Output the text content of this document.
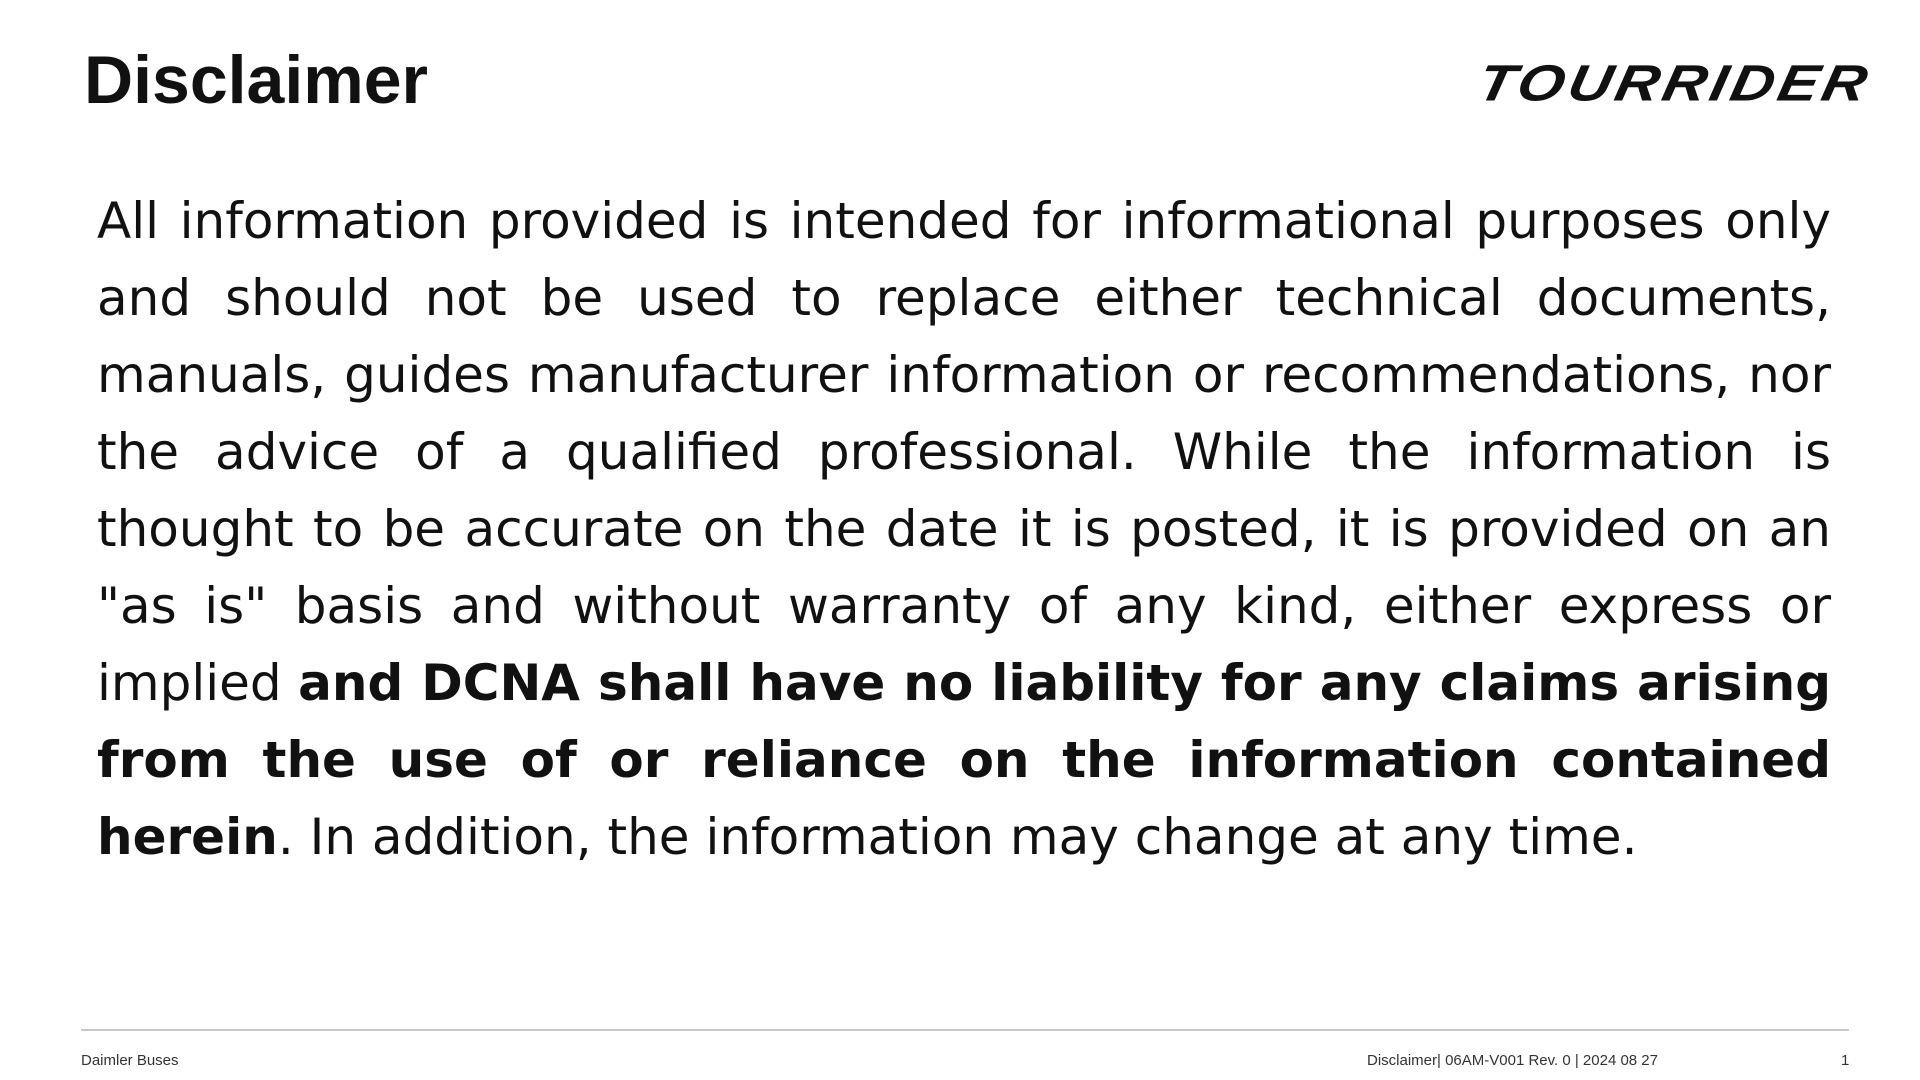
Disclaimer	TOURRIDER

All information provided is intended for informational purposes only and should not be used to replace either technical documents, manuals, guides manufacturer information or recommendations, nor the advice of a qualified professional. While the information is thought to be accurate on the date it is posted, it is provided on an "as is" basis and without warranty of any kind, either express or implied and DCNA shall have no liability for any claims arising from the use of or reliance on the information contained herein. In addition, the information may change at any time.

Daimler Buses	Disclaimer| 06AM-V001 Rev. 0 | 2024 08 27	1
